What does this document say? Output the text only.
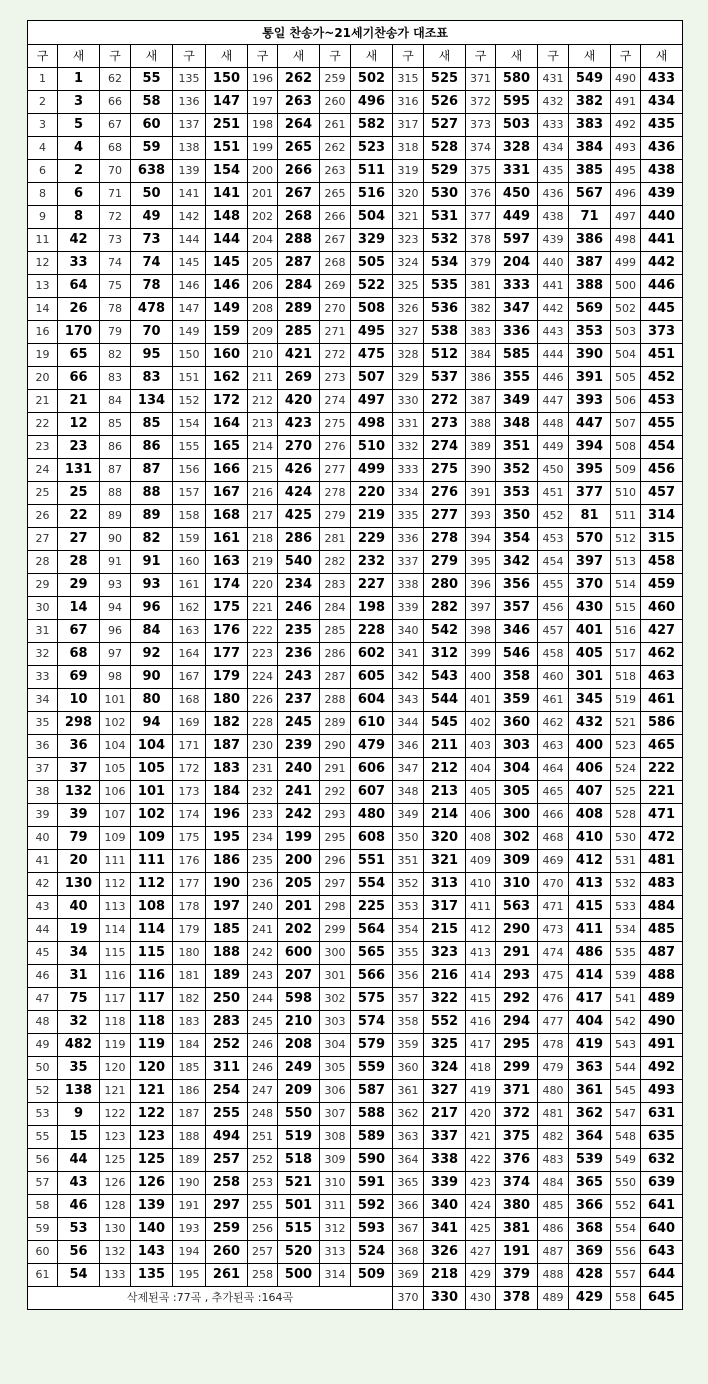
통일 찬송가~21세기찬송가 대조표																	
구	새	구	새	구	새	구	새	구	새	구	새	구	새	구	새	구	새
1	1	62	55	135	150	196	262	259	502	315	525	371	580	431	549	490	433
2	3	66	58	136	147	197	263	260	496	316	526	372	595	432	382	491	434
3	5	67	60	137	251	198	264	261	582	317	527	373	503	433	383	492	435
4	4	68	59	138	151	199	265	262	523	318	528	374	328	434	384	493	436
6	2	70	638	139	154	200	266	263	511	319	529	375	331	435	385	495	438
8	6	71	50	141	141	201	267	265	516	320	530	376	450	436	567	496	439
9	8	72	49	142	148	202	268	266	504	321	531	377	449	438	71	497	440
11	42	73	73	144	144	204	288	267	329	323	532	378	597	439	386	498	441
12	33	74	74	145	145	205	287	268	505	324	534	379	204	440	387	499	442
13	64	75	78	146	146	206	284	269	522	325	535	381	333	441	388	500	446
14	26	78	478	147	149	208	289	270	508	326	536	382	347	442	569	502	445
16	170	79	70	149	159	209	285	271	495	327	538	383	336	443	353	503	373
19	65	82	95	150	160	210	421	272	475	328	512	384	585	444	390	504	451
20	66	83	83	151	162	211	269	273	507	329	537	386	355	446	391	505	452
21	21	84	134	152	172	212	420	274	497	330	272	387	349	447	393	506	453
22	12	85	85	154	164	213	423	275	498	331	273	388	348	448	447	507	455
23	23	86	86	155	165	214	270	276	510	332	274	389	351	449	394	508	454
24	131	87	87	156	166	215	426	277	499	333	275	390	352	450	395	509	456
25	25	88	88	157	167	216	424	278	220	334	276	391	353	451	377	510	457
26	22	89	89	158	168	217	425	279	219	335	277	393	350	452	81	511	314
27	27	90	82	159	161	218	286	281	229	336	278	394	354	453	570	512	315
28	28	91	91	160	163	219	540	282	232	337	279	395	342	454	397	513	458
29	29	93	93	161	174	220	234	283	227	338	280	396	356	455	370	514	459
30	14	94	96	162	175	221	246	284	198	339	282	397	357	456	430	515	460
31	67	96	84	163	176	222	235	285	228	340	542	398	346	457	401	516	427
32	68	97	92	164	177	223	236	286	602	341	312	399	546	458	405	517	462
33	69	98	90	167	179	224	243	287	605	342	543	400	358	460	301	518	463
34	10	101	80	168	180	226	237	288	604	343	544	401	359	461	345	519	461
35	298	102	94	169	182	228	245	289	610	344	545	402	360	462	432	521	586
36	36	104	104	171	187	230	239	290	479	346	211	403	303	463	400	523	465
37	37	105	105	172	183	231	240	291	606	347	212	404	304	464	406	524	222
38	132	106	101	173	184	232	241	292	607	348	213	405	305	465	407	525	221
39	39	107	102	174	196	233	242	293	480	349	214	406	300	466	408	528	471
40	79	109	109	175	195	234	199	295	608	350	320	408	302	468	410	530	472
41	20	111	111	176	186	235	200	296	551	351	321	409	309	469	412	531	481
42	130	112	112	177	190	236	205	297	554	352	313	410	310	470	413	532	483
43	40	113	108	178	197	240	201	298	225	353	317	411	563	471	415	533	484
44	19	114	114	179	185	241	202	299	564	354	215	412	290	473	411	534	485
45	34	115	115	180	188	242	600	300	565	355	323	413	291	474	486	535	487
46	31	116	116	181	189	243	207	301	566	356	216	414	293	475	414	539	488
47	75	117	117	182	250	244	598	302	575	357	322	415	292	476	417	541	489
48	32	118	118	183	283	245	210	303	574	358	552	416	294	477	404	542	490
49	482	119	119	184	252	246	208	304	579	359	325	417	295	478	419	543	491
50	35	120	120	185	311	246	249	305	559	360	324	418	299	479	363	544	492
52	138	121	121	186	254	247	209	306	587	361	327	419	371	480	361	545	493
53	9	122	122	187	255	248	550	307	588	362	217	420	372	481	362	547	631
55	15	123	123	188	494	251	519	308	589	363	337	421	375	482	364	548	635
56	44	125	125	189	257	252	518	309	590	364	338	422	376	483	539	549	632
57	43	126	126	190	258	253	521	310	591	365	339	423	374	484	365	550	639
58	46	128	139	191	297	255	501	311	592	366	340	424	380	485	366	552	641
59	53	130	140	193	259	256	515	312	593	367	341	425	381	486	368	554	640
60	56	132	143	194	260	257	520	313	524	368	326	427	191	487	369	556	643
61	54	133	135	195	261	258	500	314	509	369	218	429	379	488	428	557	644
삭제된곡 :77곡 , 추가된곡 :164곡										370	330	430	378	489	429	558	645
